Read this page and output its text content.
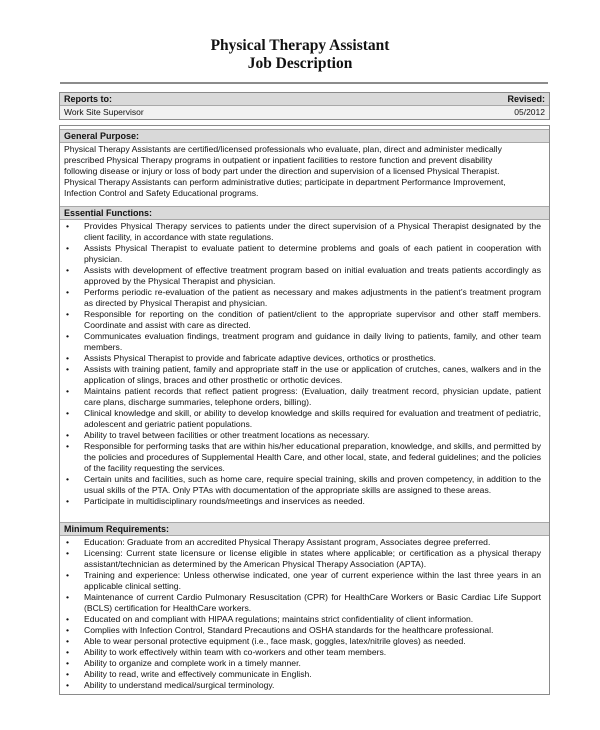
Physical Therapy Assistant
Job Description
Reports to:	Revised:
Work Site Supervisor	05/2012
General Purpose:
Physical Therapy Assistants are certified/licensed professionals who evaluate, plan, direct and administer medically
prescribed Physical Therapy programs in outpatient or inpatient facilities to restore function and prevent disability
following disease or injury or loss of body part under the direction and supervision of a licensed Physical Therapist.
Physical Therapy Assistants can perform administrative duties; participate in department Performance Improvement,
Infection Control and Safety Educational programs.
Essential Functions:
• Provides Physical Therapy services to patients under the direct supervision of a Physical Therapist designated by the client facility, in accordance with state regulations.
• Assists Physical Therapist to evaluate patient to determine problems and goals of each patient in cooperation with physician.
• Assists with development of effective treatment program based on initial evaluation and treats patients accordingly as approved by the Physical Therapist and physician.
• Performs periodic re-evaluation of the patient as necessary and makes adjustments in the patient’s treatment program as directed by Physical Therapist and physician.
• Responsible for reporting on the condition of patient/client to the appropriate supervisor and other staff members. Coordinate and assist with care as directed.
• Communicates evaluation findings, treatment program and guidance in daily living to patients, family, and other team members.
• Assists Physical Therapist to provide and fabricate adaptive devices, orthotics or prosthetics.
• Assists with training patient, family and appropriate staff in the use or application of crutches, canes, walkers and in the application of slings, braces and other prosthetic or orthotic devices.
• Maintains patient records that reflect patient progress: (Evaluation, daily treatment record, physician update, patient care plans, discharge summaries, telephone orders, billing).
• Clinical knowledge and skill, or ability to develop knowledge and skills required for evaluation and treatment of pediatric, adolescent and geriatric patient populations.
• Ability to travel between facilities or other treatment locations as necessary.
• Responsible for performing tasks that are within his/her educational preparation, knowledge, and skills, and permitted by the policies and procedures of Supplemental Health Care, and other local, state, and federal guidelines; and the policies of the facility requesting the services.
• Certain units and facilities, such as home care, require special training, skills and proven competency, in addition to the usual skills of the PTA. Only PTAs with documentation of the appropriate skills are assigned to these areas.
• Participate in multidisciplinary rounds/meetings and inservices as needed.
Minimum Requirements:
• Education: Graduate from an accredited Physical Therapy Assistant program, Associates degree preferred.
• Licensing: Current state licensure or license eligible in states where applicable; or certification as a physical therapy assistant/technician as determined by the American Physical Therapy Association (APTA).
• Training and experience: Unless otherwise indicated, one year of current experience within the last three years in an applicable clinical setting.
• Maintenance of current Cardio Pulmonary Resuscitation (CPR) for HealthCare Workers or Basic Cardiac Life Support (BCLS) certification for HealthCare workers.
• Educated on and compliant with HIPAA regulations; maintains strict confidentiality of client information.
• Complies with Infection Control, Standard Precautions and OSHA standards for the healthcare professional.
• Able to wear personal protective equipment (i.e., face mask, goggles, latex/nitrile gloves) as needed.
• Ability to work effectively within team with co-workers and other team members.
• Ability to organize and complete work in a timely manner.
• Ability to read, write and effectively communicate in English.
• Ability to understand medical/surgical terminology.
